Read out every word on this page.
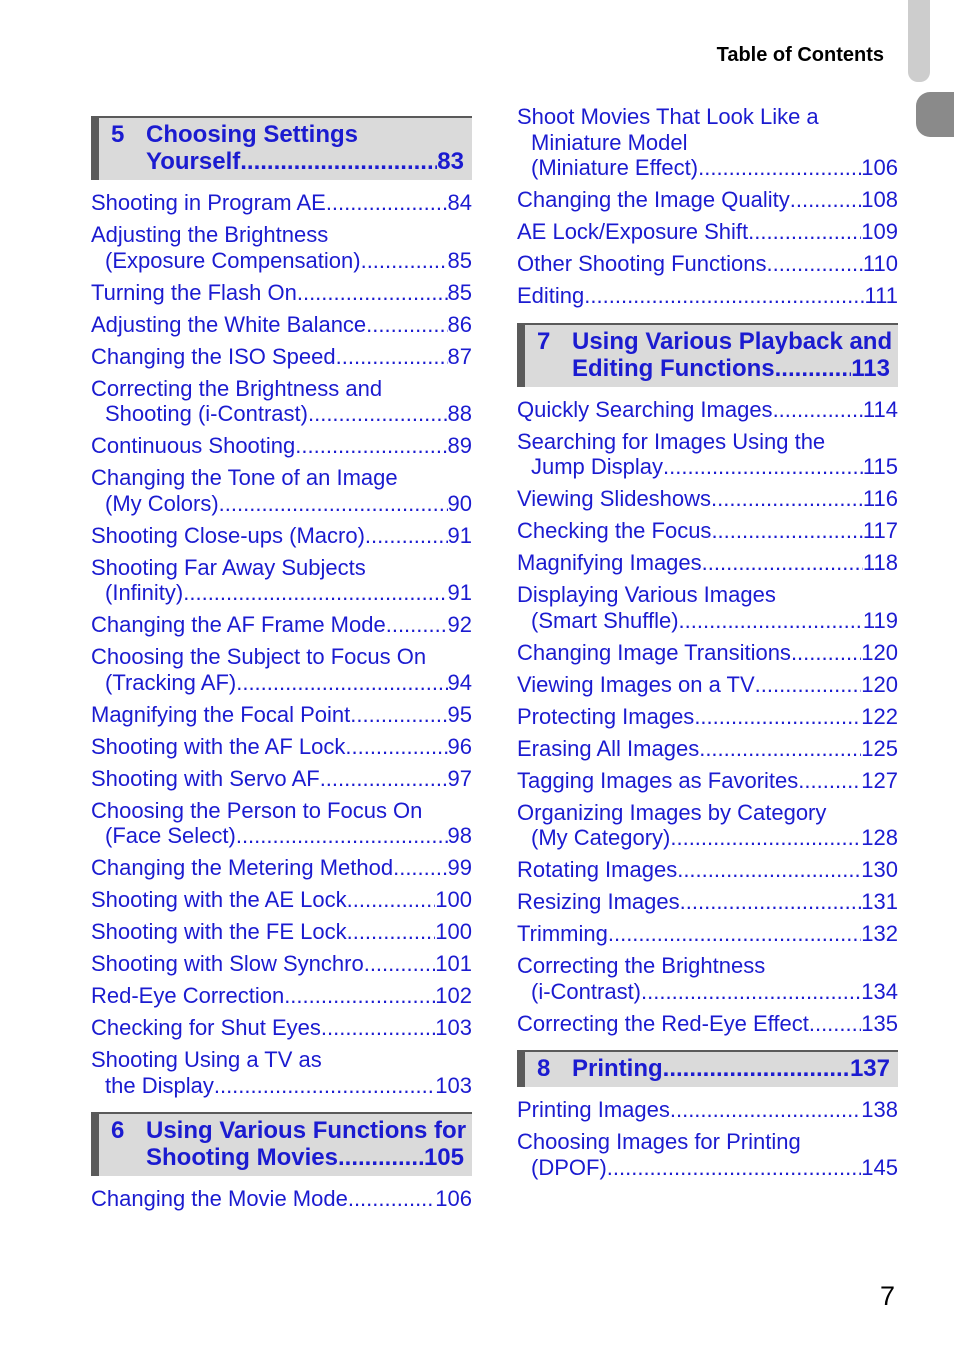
Table of Contents
5 Choosing Settings
Yourself .....	83
Shooting in Program AE .....	84
Adjusting the Brightness
(Exposure Compensation) .....	85
Turning the Flash On .....	85
Adjusting the White Balance .....	86
Changing the ISO Speed .....	87
Correcting the Brightness and
Shooting (i-Contrast) .....	88
Continuous Shooting .....	89
Changing the Tone of an Image
(My Colors) .....	90
Shooting Close-ups (Macro) .....	91
Shooting Far Away Subjects
(Infinity) .....	91
Changing the AF Frame Mode .....	92
Choosing the Subject to Focus On
(Tracking AF) .....	94
Magnifying the Focal Point .....	95
Shooting with the AF Lock .....	96
Shooting with Servo AF .....	97
Choosing the Person to Focus On
(Face Select) .....	98
Changing the Metering Method ..... 99
Shooting with the AE Lock .....	100
Shooting with the FE Lock .....	100
Shooting with Slow Synchro .....	101
Red-Eye Correction .....	102
Checking for Shut Eyes .....	103
Shooting Using a TV as
the Display .....	103
6 Using Various Functions for
Shooting Movies .....	105
Changing the Movie Mode .....	106
Shoot Movies That Look Like a
Miniature Model
(Miniature Effect) .....	106
Changing the Image Quality .....	108
AE Lock/Exposure Shift .....	109
Other Shooting Functions .....	110
Editing .....	111
7 Using Various Playback and
Editing Functions .....	113
Quickly Searching Images .....	114
Searching for Images Using the
Jump Display .....	115
Viewing Slideshows .....	116
Checking the Focus .....	117
Magnifying Images .....	118
Displaying Various Images
(Smart Shuffle) .....	119
Changing Image Transitions .....	120
Viewing Images on a TV .....	120
Protecting Images .....	122
Erasing All Images .....	125
Tagging Images as Favorites .....	127
Organizing Images by Category
(My Category) .....	128
Rotating Images .....	130
Resizing Images .....	131
Trimming .....	132
Correcting the Brightness
(i-Contrast) .....	134
Correcting the Red-Eye Effect ..... 135
8 Printing .....	137
Printing Images .....	138
Choosing Images for Printing
(DPOF) .....	145
7
